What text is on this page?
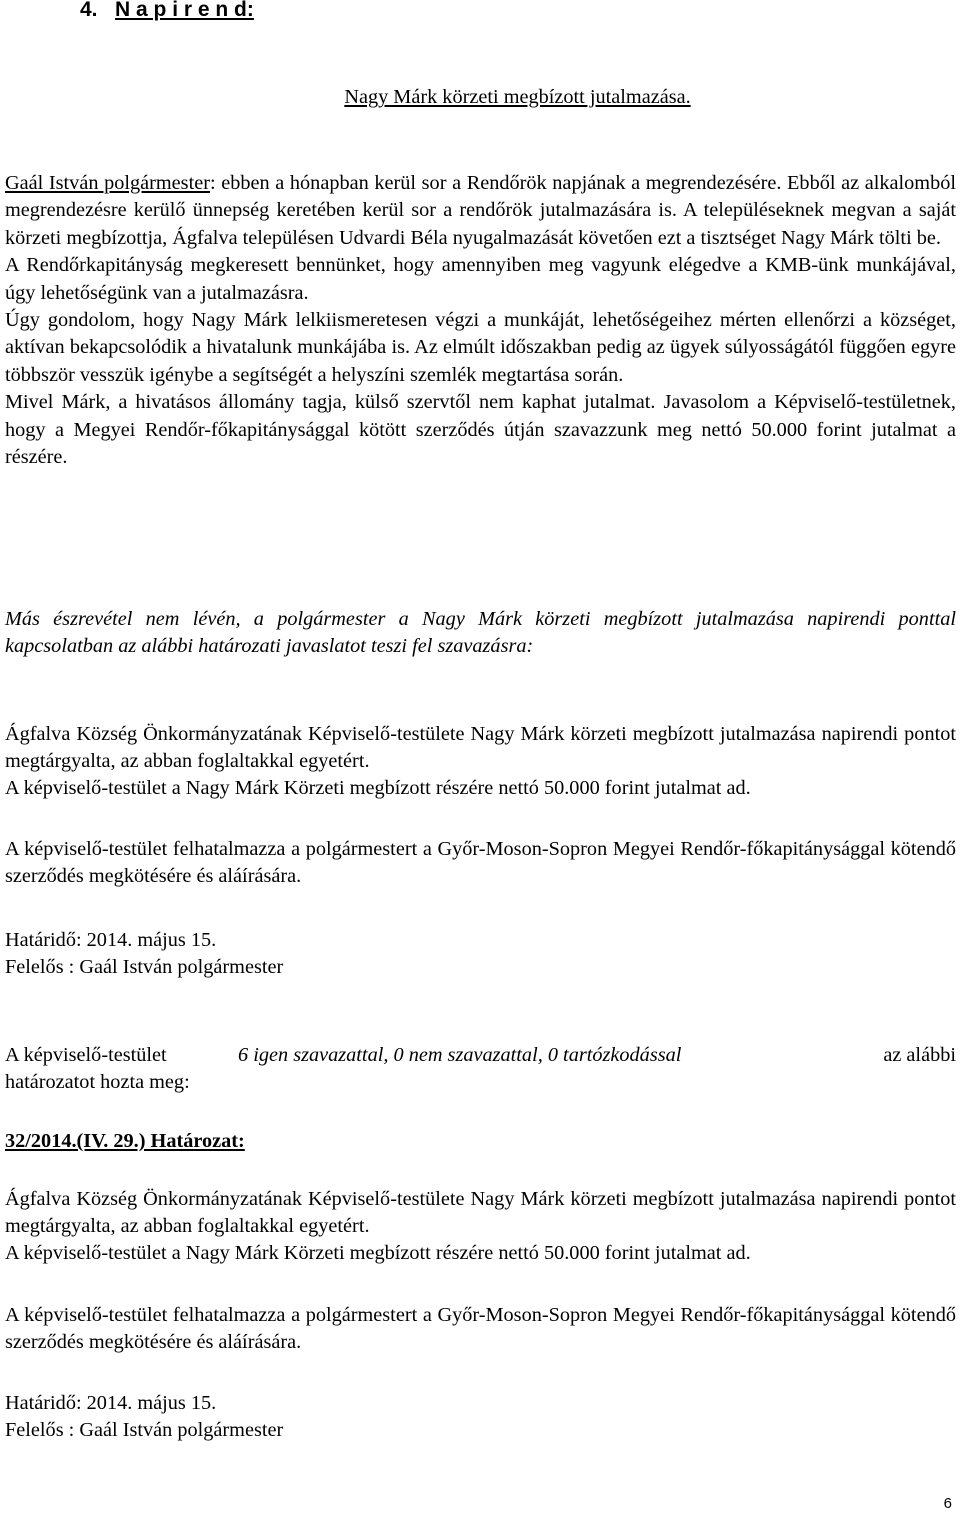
4. N a p i r e n d:
Nagy Márk körzeti megbízott jutalmazása.

Gaál István polgármester: ebben a hónapban kerül sor a Rendőrök napjának a megrendezésére. Ebből az alkalomból megrendezésre kerülő ünnepség keretében kerül sor a rendőrök jutalmazására is. A településeknek megvan a saját körzeti megbízottja, Ágfalva településen Udvardi Béla nyugalmazását követően ezt a tisztséget Nagy Márk tölti be.

A Rendőrkapitányság megkeresett bennünket, hogy amennyiben meg vagyunk elégedve a KMB-ünk munkájával, úgy lehetőségünk van a jutalmazásra.

Úgy gondolom, hogy Nagy Márk lelkiismeretesen végzi a munkáját, lehetőségeihez mérten ellenőrzi a községet, aktívan bekapcsolódik a hivatalunk munkájába is. Az elmúlt időszakban pedig az ügyek súlyosságától függően egyre többször vesszük igénybe a segítségét a helyszíni szemlék megtartása során.

Mivel Márk, a hivatásos állomány tagja, külső szervtől nem kaphat jutalmat. Javasolom a Képviselő-testületnek, hogy a Megyei Rendőr-főkapitánysággal kötött szerződés útján szavazzunk meg nettó 50.000 forint jutalmat a részére.

Más észrevétel nem lévén, a polgármester a Nagy Márk körzeti megbízott jutalmazása napirendi ponttal kapcsolatban az alábbi határozati javaslatot teszi fel szavazásra:
Ágfalva Község Önkormányzatának Képviselő-testülete Nagy Márk körzeti megbízott jutalmazása napirendi pontot megtárgyalta, az abban foglaltakkal egyetért.
A képviselő-testület a Nagy Márk Körzeti megbízott részére nettó 50.000 forint jutalmat ad.
A képviselő-testület felhatalmazza a polgármestert a Győr-Moson-Sopron Megyei Rendőr-főkapitánysággal kötendő szerződés megkötésére és aláírására.
Határidő: 2014. május 15.
Felelős : Gaál István polgármester
A képviselő-testület	6 igen szavazattal, 0 nem szavazattal, 0 tartózkodással	az alábbi
határozatot hozta meg:
32/2014.(IV. 29.) Határozat:
Ágfalva Község Önkormányzatának Képviselő-testülete Nagy Márk körzeti megbízott jutalmazása napirendi pontot megtárgyalta, az abban foglaltakkal egyetért.
A képviselő-testület a Nagy Márk Körzeti megbízott részére nettó 50.000 forint jutalmat ad.
A képviselő-testület felhatalmazza a polgármestert a Győr-Moson-Sopron Megyei Rendőr-főkapitánysággal kötendő szerződés megkötésére és aláírására.
Határidő: 2014. május 15.
Felelős : Gaál István polgármester
6
